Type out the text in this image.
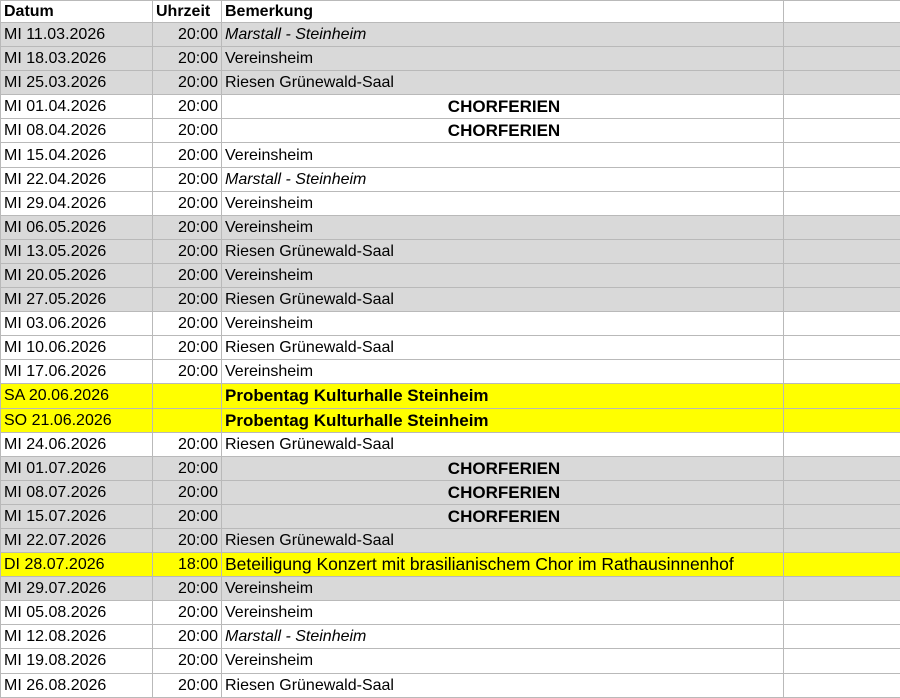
Datum	Uhrzeit	Bemerkung	
MI 11.03.2026	20:00	Marstall - Steinheim	
MI 18.03.2026	20:00	Vereinsheim	
MI 25.03.2026	20:00	Riesen Grünewald-Saal	
MI 01.04.2026	20:00	CHORFERIEN	
MI 08.04.2026	20:00	CHORFERIEN	
MI 15.04.2026	20:00	Vereinsheim	
MI 22.04.2026	20:00	Marstall - Steinheim	
MI 29.04.2026	20:00	Vereinsheim	
MI 06.05.2026	20:00	Vereinsheim	
MI 13.05.2026	20:00	Riesen Grünewald-Saal	
MI 20.05.2026	20:00	Vereinsheim	
MI 27.05.2026	20:00	Riesen Grünewald-Saal	
MI 03.06.2026	20:00	Vereinsheim	
MI 10.06.2026	20:00	Riesen Grünewald-Saal	
MI 17.06.2026	20:00	Vereinsheim	
SA 20.06.2026		Probentag Kulturhalle Steinheim	
SO 21.06.2026		Probentag Kulturhalle Steinheim	
MI 24.06.2026	20:00	Riesen Grünewald-Saal	
MI 01.07.2026	20:00	CHORFERIEN	
MI 08.07.2026	20:00	CHORFERIEN	
MI 15.07.2026	20:00	CHORFERIEN	
MI 22.07.2026	20:00	Riesen Grünewald-Saal	
DI 28.07.2026	18:00	Beteiligung Konzert mit brasilianischem Chor im Rathausinnenhof	
MI 29.07.2026	20:00	Vereinsheim	
MI 05.08.2026	20:00	Vereinsheim	
MI 12.08.2026	20:00	Marstall - Steinheim	
MI 19.08.2026	20:00	Vereinsheim	
MI 26.08.2026	20:00	Riesen Grünewald-Saal	
